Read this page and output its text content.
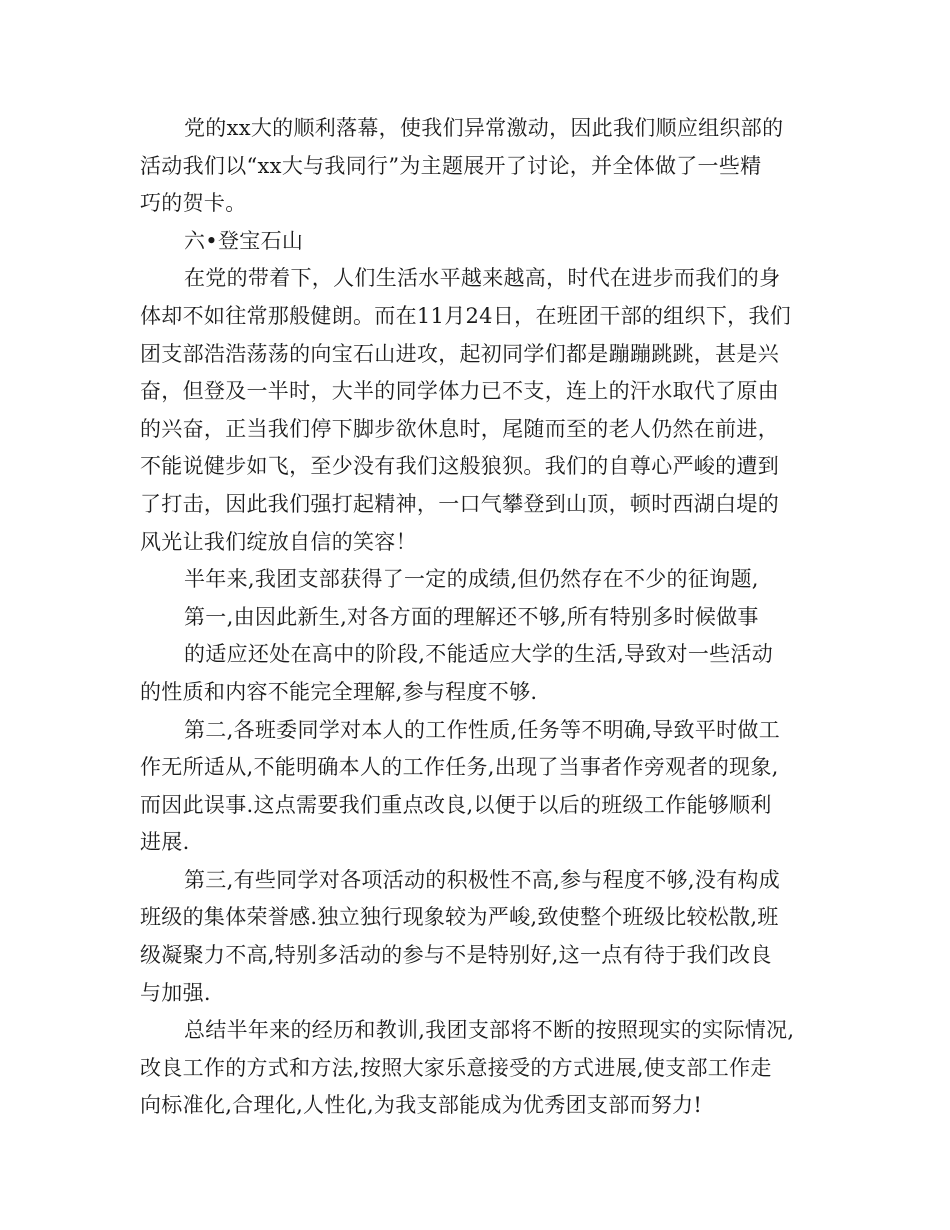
党的xx大的顺利落幕，使我们异常激动，因此我们顺应组织部的
活动我们以“xx大与我同行”为主题展开了讨论，并全体做了一些精
巧的贺卡。
六•登宝石山
在党的带着下，人们生活水平越来越高，时代在进步而我们的身
体却不如往常那般健朗。而在11月24日，在班团干部的组织下，我们
团支部浩浩荡荡的向宝石山进攻，起初同学们都是蹦蹦跳跳，甚是兴
奋，但登及一半时，大半的同学体力已不支，连上的汗水取代了原由
的兴奋，正当我们停下脚步欲休息时，尾随而至的老人仍然在前进，
不能说健步如飞，至少没有我们这般狼狈。我们的自尊心严峻的遭到
了打击，因此我们强打起精神，一口气攀登到山顶，顿时西湖白堤的
风光让我们绽放自信的笑容！
半年来,我团支部获得了一定的成绩,但仍然存在不少的征询题,
第一,由因此新生,对各方面的理解还不够,所有特别多时候做事
的适应还处在高中的阶段,不能适应大学的生活,导致对一些活动
的性质和内容不能完全理解,参与程度不够.
第二,各班委同学对本人的工作性质,任务等不明确,导致平时做工
作无所适从,不能明确本人的工作任务,出现了当事者作旁观者的现象,
而因此误事.这点需要我们重点改良,以便于以后的班级工作能够顺利
进展.
第三,有些同学对各项活动的积极性不高,参与程度不够,没有构成
班级的集体荣誉感.独立独行现象较为严峻,致使整个班级比较松散,班
级凝聚力不高,特别多活动的参与不是特别好,这一点有待于我们改良
与加强.
总结半年来的经历和教训,我团支部将不断的按照现实的实际情况,
改良工作的方式和方法,按照大家乐意接受的方式进展,使支部工作走
向标准化,合理化,人性化,为我支部能成为优秀团支部而努力!
